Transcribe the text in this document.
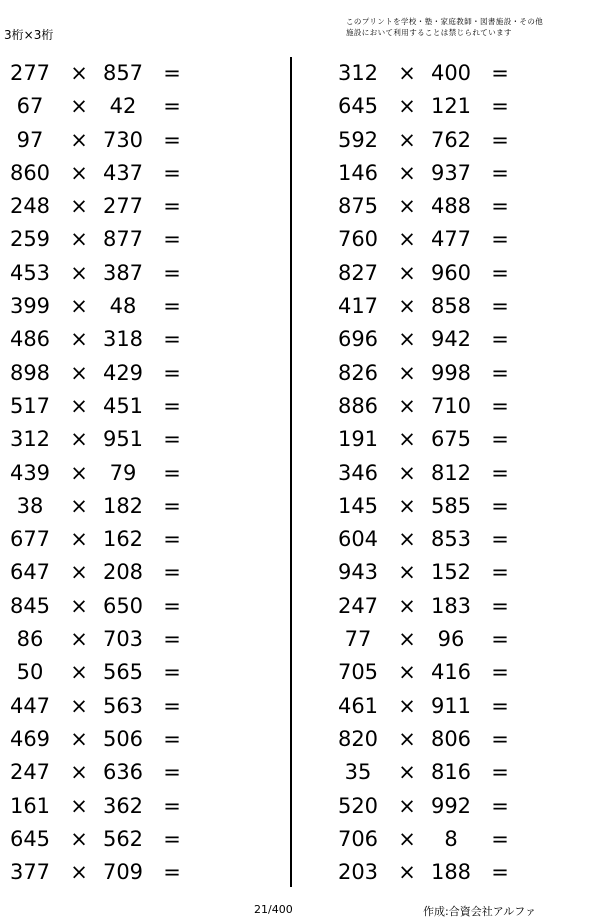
3桁×3桁
このプリントを学校・塾・家庭教師・図書施設・その他
施設において利用することは禁じられています
277 × 857 =
67	×	42	=
97	× 730 =
860 × 437 =
248 × 277 =
259 × 877 =
453 × 387 =
399 ×	48	=
486 × 318 =
898 × 429 =
517 × 451 =
312 × 951 =
439 ×	79	=
38	× 182 =
677 × 162 =
647 × 208 =
845 × 650 =
86	× 703 =
50	× 565 =
447 × 563 =
469 × 506 =
247 × 636 =
161 × 362 =
645 × 562 =
377 × 709 =
312 × 400 =
645 × 121 =
592 × 762 =
146 × 937 =
875 × 488 =
760 × 477 =
827 × 960 =
417 × 858 =
696 × 942 =
826 × 998 =
886 × 710 =
191 × 675 =
346 × 812 =
145 × 585 =
604 × 853 =
943 × 152 =
247 × 183 =
77	×	96	=
705 × 416 =
461 × 911 =
820 × 806 =
35	× 816 =
520 × 992 =
706 ×	8	=
203 × 188 =
21/400	作成:合資会社アルファ
